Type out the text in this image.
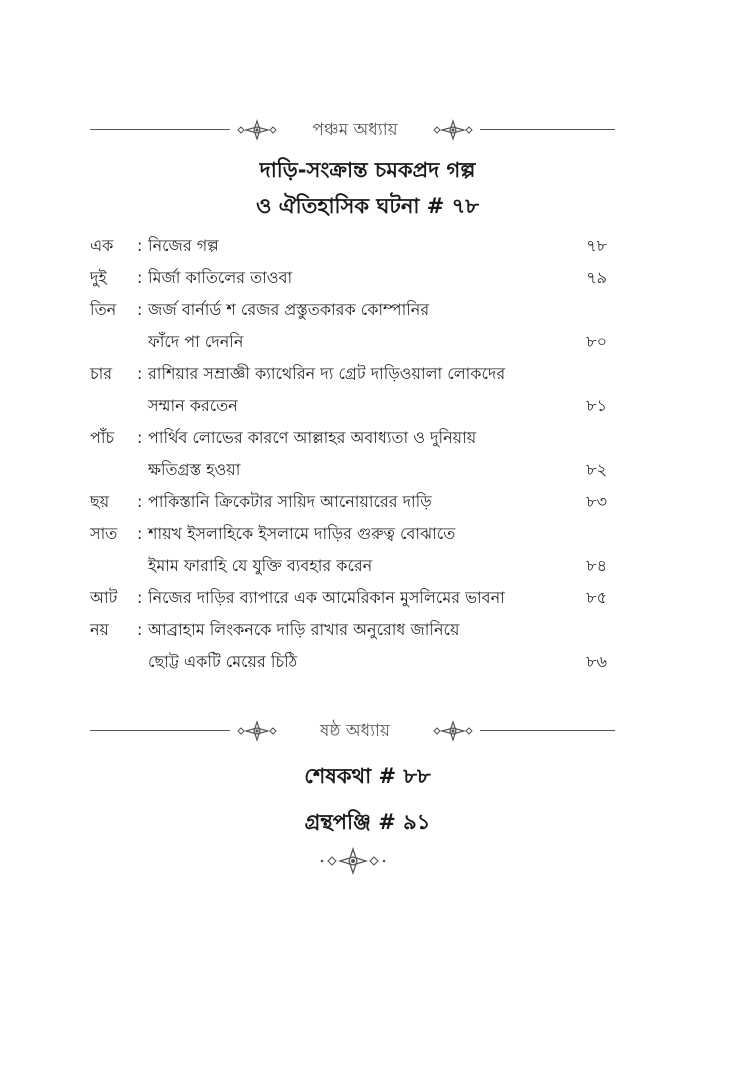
পঞ্চম অধ্যায়
দাড়ি-সংক্রান্ত চমকপ্রদ গল্প
ও ঐতিহাসিক ঘটনা # ৭৮
এক : নিজের গল্প	৭৮
দুই : মির্জা কাতিলের তাওবা	৭৯
তিন : জর্জ বার্নার্ড শ রেজর প্রস্তুতকারক কোম্পানির
ফাঁদে পা দেননি	৮০
চার : রাশিয়ার সম্রাজ্ঞী ক্যাথেরিন দ্য গ্রেট দাড়িওয়ালা লোকদের
সম্মান করতেন	৮১
পাঁচ : পার্থিব লোভের কারণে আল্লাহর অবাধ্যতা ও দুনিয়ায়
ক্ষতিগ্রস্ত হওয়া	৮২
ছয় : পাকিস্তানি ক্রিকেটার সায়িদ আনোয়ারের দাড়ি	৮৩
সাত : শায়খ ইসলাহিকে ইসলামে দাড়ির গুরুত্ব বোঝাতে
ইমাম ফারাহি যে যুক্তি ব্যবহার করেন	৮৪
আট : নিজের দাড়ির ব্যাপারে এক আমেরিকান মুসলিমের ভাবনা	৮৫
নয় : আব্রাহাম লিংকনকে দাড়ি রাখার অনুরোধ জানিয়ে
ছোট্ট একটি মেয়ের চিঠি	৮৬
ষষ্ঠ অধ্যায়
শেষকথা # ৮৮
গ্রন্থপঞ্জি # ৯১
